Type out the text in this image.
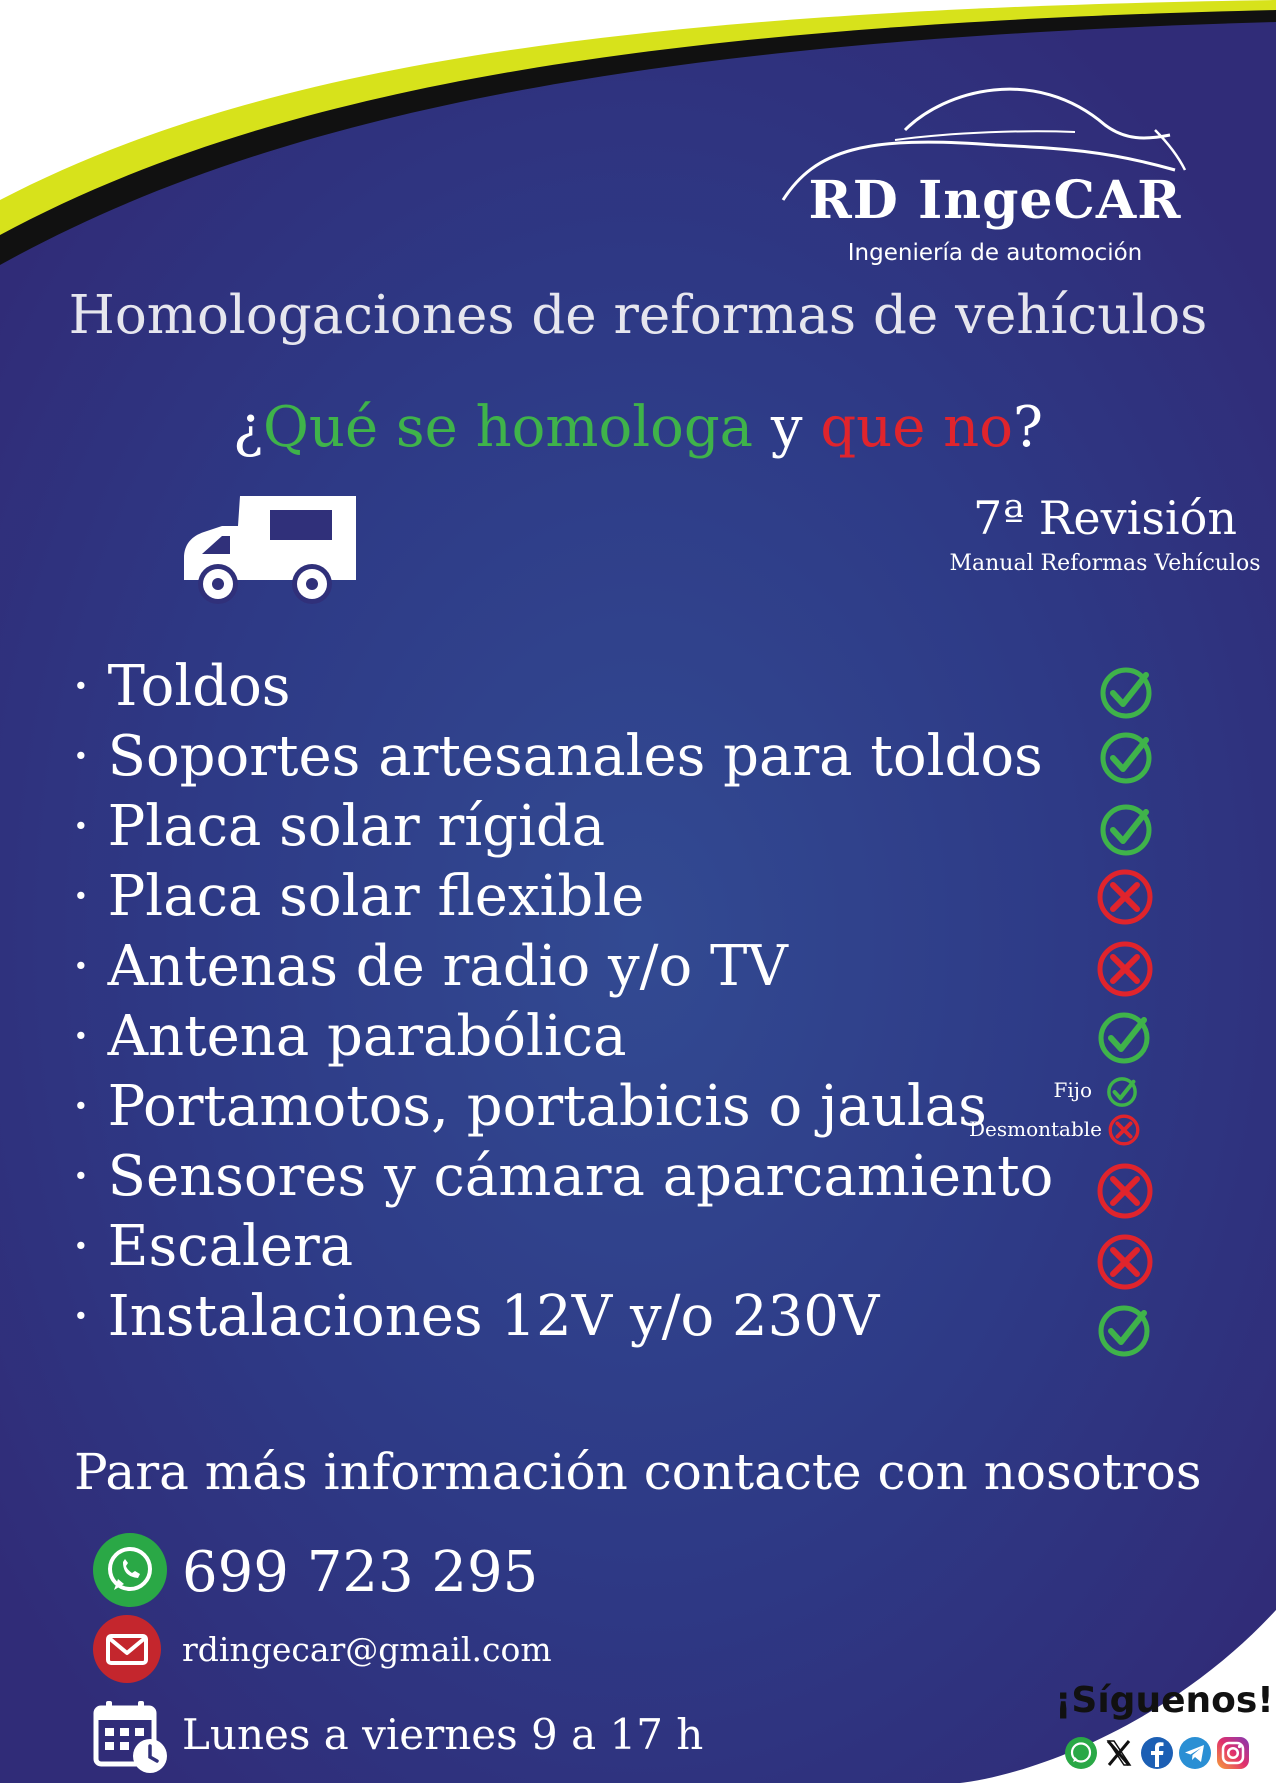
RD IngeCAR
Ingeniería de automoción
Homologaciones de reformas de vehículos
¿Qué se homologa y que no?
7ª Revisión
Manual Reformas Vehículos
· Toldos
· Soportes artesanales para toldos
· Placa solar rígida
· Placa solar flexible
· Antenas de radio y/o TV
· Antena parabólica
· Portamotos, portabicis o jaulas
· Sensores y cámara aparcamiento
· Escalera
· Instalaciones 12V y/o 230V
Fijo
Desmontable
Para más información contacte con nosotros
699 723 295
rdingecar@gmail.com
Lunes a viernes 9 a 17 h
¡Síguenos!
